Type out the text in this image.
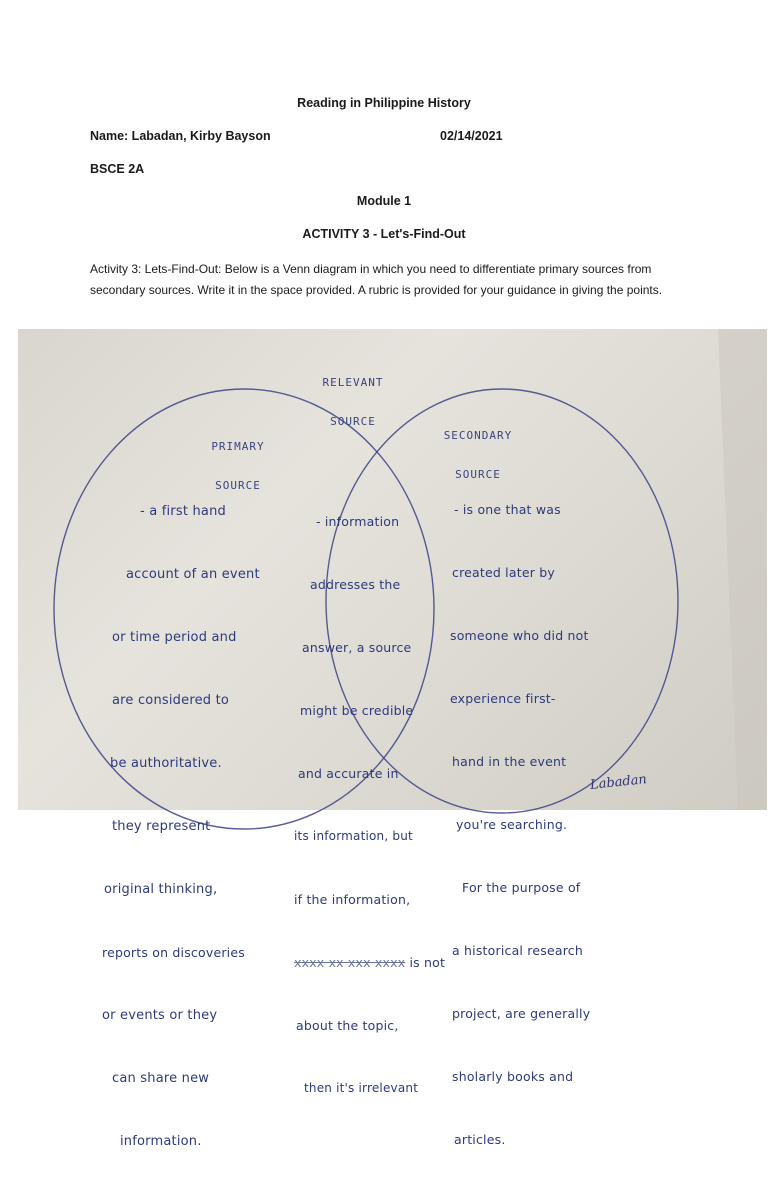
Reading in Philippine History
Name: Labadan, Kirby Bayson	02/14/2021
BSCE 2A
Module 1
ACTIVITY 3 - Let's-Find-Out
Activity 3: Lets-Find-Out: Below is a Venn diagram in which you need to differentiate primary sources from secondary sources. Write it in the space provided. A rubric is provided for your guidance in giving the points.

RELEVANT

SOURCE

PRIMARY

SOURCE

SECONDARY

SOURCE

- a first hand

account of an event

or time period and

are considered to

be authoritative.

they represent

original thinking,

reports on discoveries

or events or they

can share new

information.

- information

addresses the

answer, a source

might be credible

and accurate in

its information, but

if the information,

xxxx xx xxx xxxx is not

about the topic,

then it's irrelevant

- is one that was

created later by

someone who did not

experience first-

hand in the event

you're searching.

For the purpose of

a historical research

project, are generally

sholarly books and

articles.

Labadan
